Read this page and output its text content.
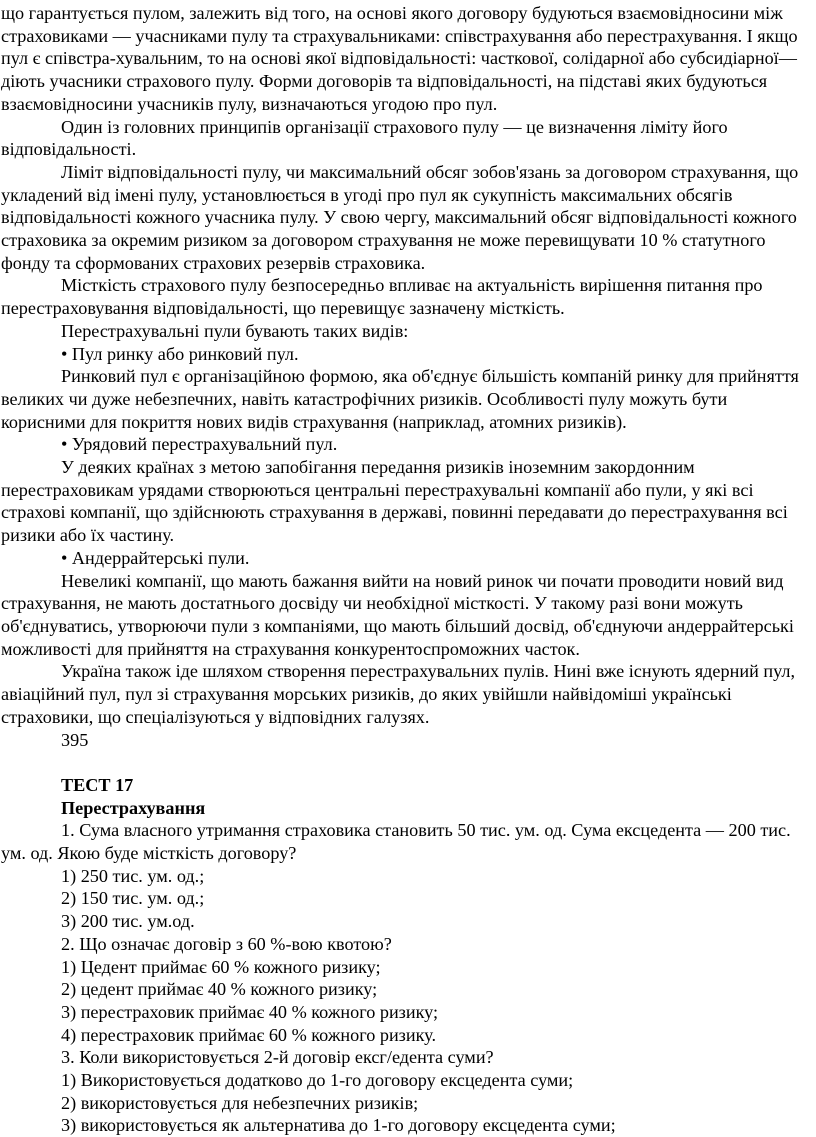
що гарантується пулом, залежить від того, на основі якого договору будуються взаємовідносини між страховиками — учасниками пулу та страхувальниками: співстрахування або перестрахування. І якщо пул є співстра-хувальним, то на основі якої відповідальності: часткової, солідарної або субсидіарної—діють учасники страхового пулу. Форми договорів та відповідальності, на підставі яких будуються взаємовідносини учасників пулу, визначаються угодою про пул.

Один із головних принципів організації страхового пулу — це визначення ліміту його відповідальності.

Ліміт відповідальності пулу, чи максимальний обсяг зобов'язань за договором страхування, що укладений від імені пулу, установлюється в угоді про пул як сукупність максимальних обсягів відповідальності кожного учасника пулу. У свою чергу, максимальний обсяг відповідальності кожного страховика за окремим ризиком за договором страхування не може перевищувати 10 % статутного фонду та сформованих страхових резервів страховика.

Місткість страхового пулу безпосередньо впливає на актуальність вирішення питання про перестраховування відповідальності, що перевищує зазначену місткість.

Перестрахувальні пули бувають таких видів:

• Пул ринку або ринковий пул.

Ринковий пул є організаційною формою, яка об'єднує більшість компаній ринку для прийняття великих чи дуже небезпечних, навіть катастрофічних ризиків. Особливості пулу можуть бути корисними для покриття нових видів страхування (наприклад, атомних ризиків).

• Урядовий перестрахувальний пул.

У деяких країнах з метою запобігання передання ризиків іноземним закордонним перестраховикам урядами створюються центральні перестрахувальні компанії або пули, у які всі страхові компанії, що здійснюють страхування в державі, повинні передавати до перестрахування всі ризики або їх частину.

• Андеррайтерські пули.

Невеликі компанії, що мають бажання вийти на новий ринок чи почати проводити новий вид страхування, не мають достатнього досвіду чи необхідної місткості. У такому разі вони можуть об'єднуватись, утворюючи пули з компаніями, що мають більший досвід, об'єднуючи андеррайтерські можливості для прийняття на страхування конкурентоспроможних часток.

Україна також іде шляхом створення перестрахувальних пулів. Нині вже існують ядерний пул, авіаційний пул, пул зі страхування морських ризиків, до яких увійшли найвідоміші українські страховики, що спеціалізуються у відповідних галузях.

395

ТЕСТ 17

Перестрахування

1. Сума власного утримання страховика становить 50 тис. ум. од. Сума ексцедента — 200 тис. ум. од. Якою буде місткість договору?

1) 250 тис. ум. од.;

2) 150 тис. ум. од.;

3) 200 тис. ум.од.

2. Що означає договір з 60 %-вою квотою?

1) Цедент приймає 60 % кожного ризику;

2) цедент приймає 40 % кожного ризику;

3) перестраховик приймає 40 % кожного ризику;

4) перестраховик приймає 60 % кожного ризику.

3. Коли використовується 2-й договір ексг/едента суми?

1) Використовується додатково до 1-го договору ексцедента суми;

2) використовується для небезпечних ризиків;

3) використовується як альтернатива до 1-го договору ексцедента суми;
